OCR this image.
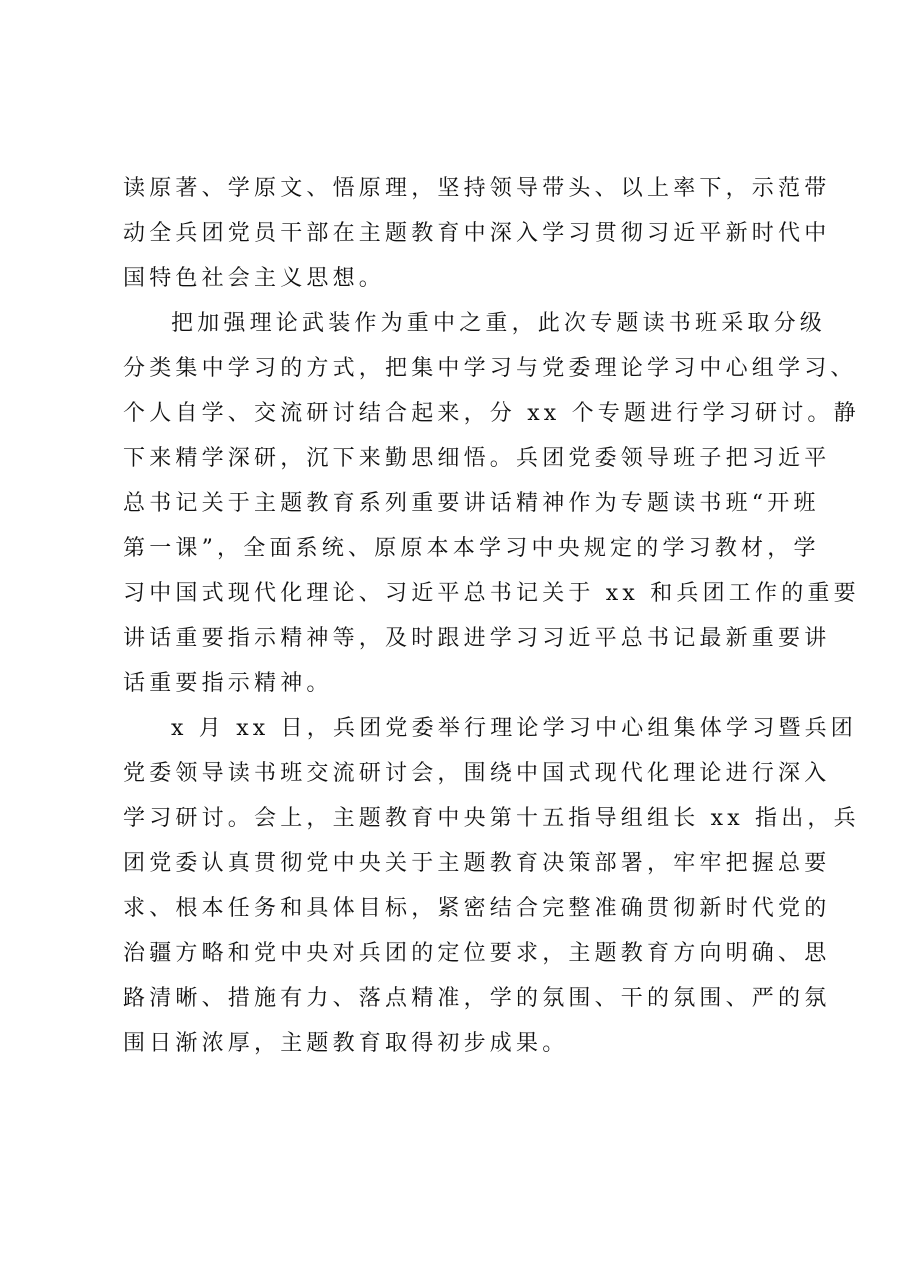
读原著、学原文、悟原理，坚持领导带头、以上率下，示范带
动全兵团党员干部在主题教育中深入学习贯彻习近平新时代中
国特色社会主义思想。
把加强理论武装作为重中之重，此次专题读书班采取分级
分类集中学习的方式，把集中学习与党委理论学习中心组学习、
个人自学、交流研讨结合起来，分 xx 个专题进行学习研讨。静
下来精学深研，沉下来勤思细悟。兵团党委领导班子把习近平
总书记关于主题教育系列重要讲话精神作为专题读书班“开班
第一课”，全面系统、原原本本学习中央规定的学习教材，学
习中国式现代化理论、习近平总书记关于 xx 和兵团工作的重要
讲话重要指示精神等，及时跟进学习习近平总书记最新重要讲
话重要指示精神。
x 月 xx 日，兵团党委举行理论学习中心组集体学习暨兵团
党委领导读书班交流研讨会，围绕中国式现代化理论进行深入
学习研讨。会上，主题教育中央第十五指导组组长 xx 指出，兵
团党委认真贯彻党中央关于主题教育决策部署，牢牢把握总要
求、根本任务和具体目标，紧密结合完整准确贯彻新时代党的
治疆方略和党中央对兵团的定位要求，主题教育方向明确、思
路清晰、措施有力、落点精准，学的氛围、干的氛围、严的氛
围日渐浓厚，主题教育取得初步成果。
